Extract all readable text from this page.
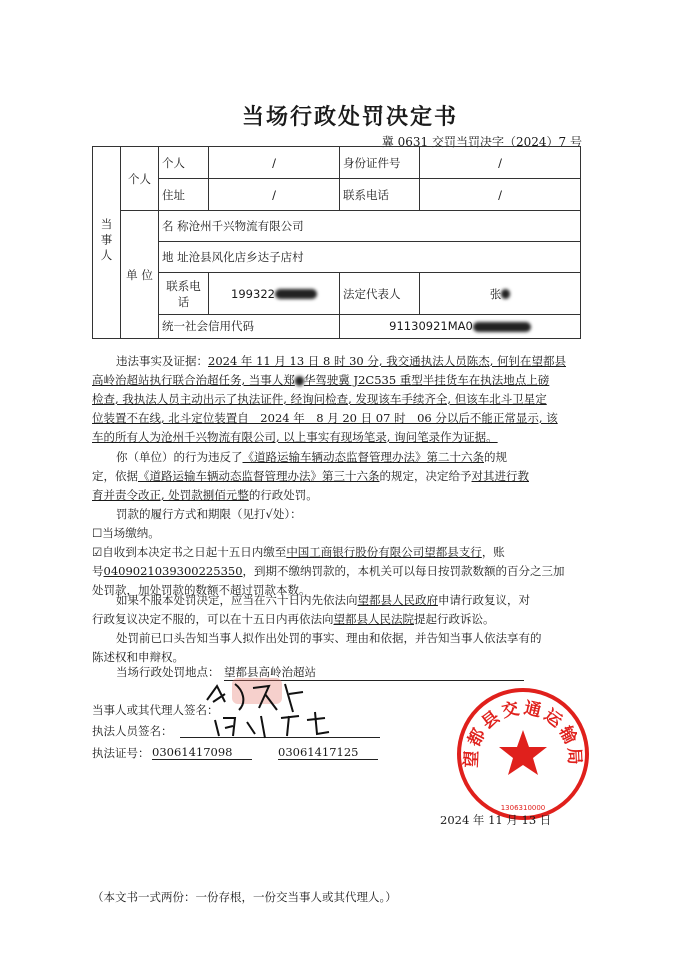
当场行政处罚决定书
冀 0631 交罚当罚决字（2024）7 号
当事人	个人	个人	/	身份证件号	/
		住址	/	联系电话	/
	单 位	名 称沧州千兴物流有限公司			
		地 址沧县风化店乡达子店村			
		联系电话	199322	法定代表人	张
		统一社会信用代码		91130921MA0	
违法事实及证据：2024 年 11 月 13 日 8 时 30 分, 我交通执法人员陈杰, 何钊在望都县
高岭治超站执行联合治超任务, 当事人郑 华驾驶冀 J2C535 重型半挂货车在执法地点上磅
检查, 我执法人员主动出示了执法证件, 经询问检查, 发现该车手续齐全, 但该车北斗卫星定
位装置不在线, 北斗定位装置自　2024 年　8 月 20 日 07 时　06 分以后不能正常显示, 该
车的所有人为沧州千兴物流有限公司, 以上事实有现场笔录, 询问笔录作为证据。
你（单位）的行为违反了《道路运输车辆动态监督管理办法》第二十六条的规
定，依据《道路运输车辆动态监督管理办法》第三十六条的规定，决定给予对其进行教
育并责令改正, 处罚款捌佰元整的行政处罚。
罚款的履行方式和期限（见打√处）：
☐当场缴纳。
☑自收到本决定书之日起十五日内缴至中国工商银行股份有限公司望都县支行，账
号0409021039300225350，到期不缴纳罚款的，本机关可以每日按罚款数额的百分之三加
处罚款，加处罚款的数额不超过罚款本数。
如果不服本处罚决定，应当在六十日内先依法向望都县人民政府申请行政复议，对
行政复议决定不服的，可以在十五日内再依法向望都县人民法院提起行政诉讼。
处罚前已口头告知当事人拟作出处罚的事实、理由和依据，并告知当事人依法享有的
陈述权和申辩权。
当场行政处罚地点： 望都县高岭治超站
当事人或其代理人签名：
执法人员签名：
执法证号： 03061417098	03061417125	望都县交通运输局
1306310000
2024 年 11 月 13 日
（本文书一式两份：一份存根，一份交当事人或其代理人。）
